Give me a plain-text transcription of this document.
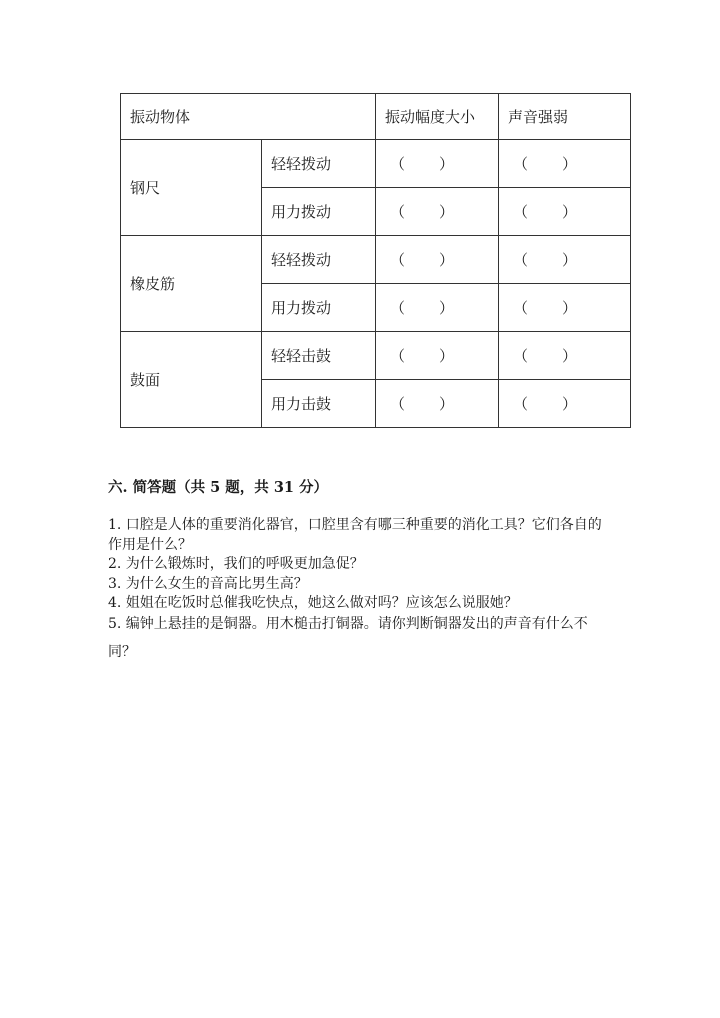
振动物体		振动幅度大小	声音强弱
钢尺	轻轻拨动	（ ）	（ ）

	用力拨动	（ ）	（ ）

橡皮筋	轻轻拨动	（ ）	（ ）

	用力拨动	（ ）	（ ）

鼓面	轻轻击鼓	（ ）	（ ）

	用力击鼓	（ ）	（ ）

六. 简答题（共 5 题，共 31 分）

1. 口腔是人体的重要消化器官，口腔里含有哪三种重要的消化工具？它们各自的作用是什么？

2. 为什么锻炼时，我们的呼吸更加急促？

3. 为什么女生的音高比男生高？

4. 姐姐在吃饭时总催我吃快点，她这么做对吗？应该怎么说服她？

5. 编钟上悬挂的是铜器。用木槌击打铜器。请你判断铜器发出的声音有什么不同？
